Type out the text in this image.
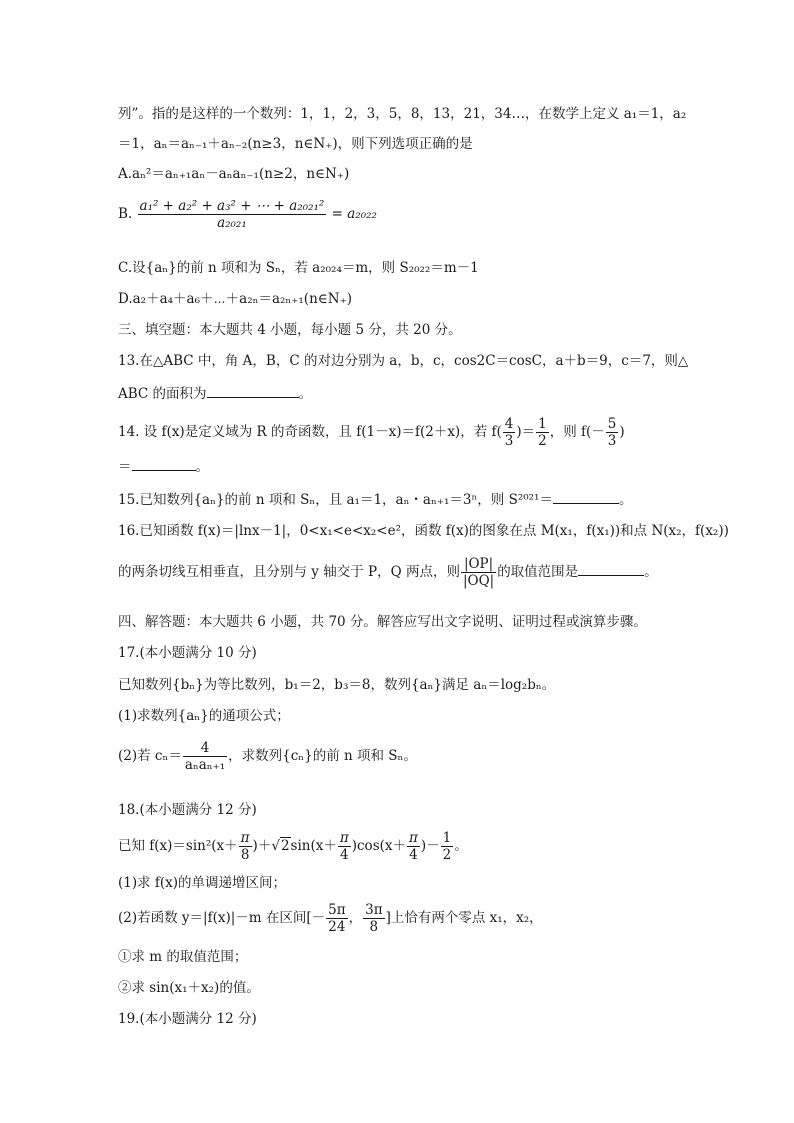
列”。指的是这样的一个数列：1，1，2，3，5，8，13，21，34…，在数学上定义 a₁＝1，a₂
＝1，aₙ＝aₙ₋₁＋aₙ₋₂(n≥3，n∈N₊)，则下列选项正确的是
A.aₙ²＝aₙ₊₁aₙ－aₙaₙ₋₁(n≥2，n∈N₊)
B. $\frac{\text{a₁² + a₂² + a₃² + ⋯ + a₂₀₂₁²}}{\text{a₂₀₂₁}} = a_{2022}$
C.设{aₙ}的前 n 项和为 Sₙ，若 a₂₀₂₄＝m，则 S₂₀₂₂＝m－1
D.a₂＋a₄＋a₆＋⋯＋a₂ₙ＝a₂ₙ₊₁(n∈N₊)
三、填空题：本大题共 4 小题，每小题 5 分，共 20 分。
13.在△ABC 中，角 A，B，C 的对边分别为 a，b，c，cos2C＝cosC，a＋b＝9，c＝7，则△
ABC 的面积为	。
14. 设 f(x)是定义域为 R 的奇函数，且 f(1－x)＝f(2＋x)，若 $f( \frac{4}{3}$ )＝ $\frac{1}{2}$ ，则 $f(- \frac{5}{3}$ )
＝	。
15.已知数列{aₙ}的前 n 项和 Sₙ，且 a₁＝1，aₙ・aₙ₊₁＝3ⁿ，则 S²⁰²¹＝	。
16.已知函数 f(x)＝|lnx－1|，0<x₁<e<x₂<e²，函数 f(x)的图象在点 M(x₁，f(x₁))和点 N(x₂，f(x₂))
的两条切线互相垂直，且分别与 y 轴交于 P，Q 两点，则 $\frac{|OP|}{|OQ|}$ 的取值范围是	。
四、解答题：本大题共 6 小题，共 70 分。解答应写出文字说明、证明过程或演算步骤。
17.(本小题满分 10 分)
已知数列{bₙ}为等比数列，b₁＝2，b₃＝8，数列{aₙ}满足 aₙ＝log₂bₙ。
(1)求数列{aₙ}的通项公式；
(2)若 $c_n= \frac{4}{\text{aₙaₙ₊₁}}$ ，求数列{cₙ}的前 n 项和 Sₙ。
18.(本小题满分 12 分)
已知 $f(x)=\sin^2(x+ \frac{\pi}{8} )+√2\sin(x+ \frac{\pi}{4} )\cos(x+ \frac{\pi}{4}$ )－ $\frac{1}{2}$ 。
(1)求 f(x)的单调递增区间；
(2)若函数 y＝|f(x)|－m 在区间[－ $\frac{5\pi}{24}$ ， $\frac{3\pi}{8}$ ]上恰有两个零点 x₁，x₂，
①求 m 的取值范围；
②求 sin(x₁＋x₂)的值。
19.(本小题满分 12 分)
